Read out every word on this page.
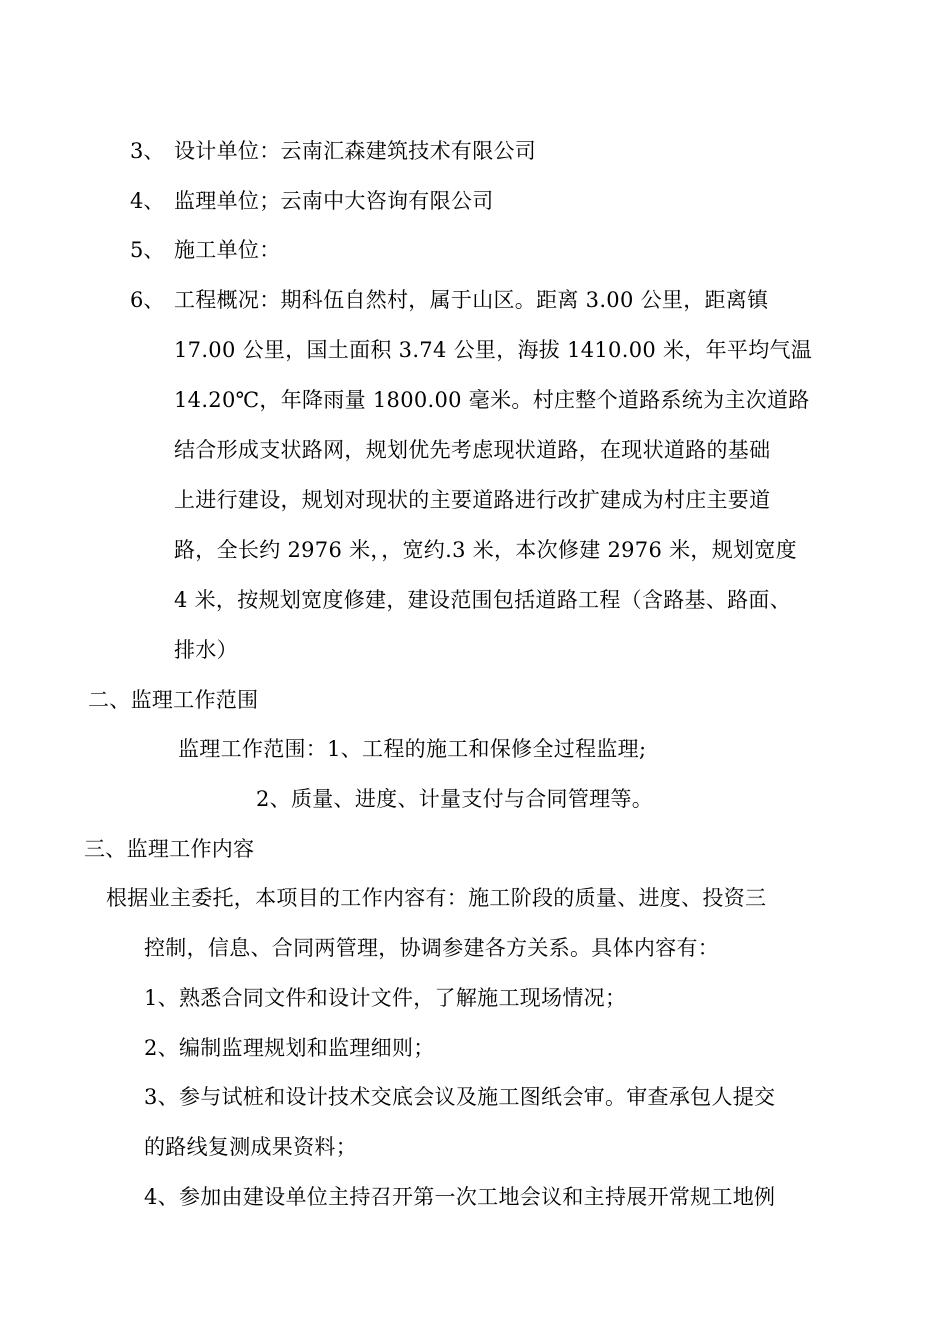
3、 设计单位：云南汇森建筑技术有限公司
4、 监理单位；云南中大咨询有限公司
5、 施工单位：
6、 工程概况：期科伍自然村，属于山区。距离 3.00 公里，距离镇
17.00 公里，国土面积 3.74 公里，海拔 1410.00 米，年平均气温
14.20℃，年降雨量 1800.00 毫米。村庄整个道路系统为主次道路
结合形成支状路网，规划优先考虑现状道路，在现状道路的基础
上进行建设，规划对现状的主要道路进行改扩建成为村庄主要道
路，全长约 2976 米，，宽约.3 米，本次修建 2976 米，规划宽度
4 米，按规划宽度修建，建设范围包括道路工程（含路基、路面、
排水）
二、监理工作范围
监理工作范围：1、工程的施工和保修全过程监理;
2、质量、进度、计量支付与合同管理等。
三、监理工作内容
根据业主委托，本项目的工作内容有：施工阶段的质量、进度、投资三
控制，信息、合同两管理，协调参建各方关系。具体内容有：
1、熟悉合同文件和设计文件，了解施工现场情况；
2、编制监理规划和监理细则；
3、参与试桩和设计技术交底会议及施工图纸会审。审查承包人提交
的路线复测成果资料；
4、参加由建设单位主持召开第一次工地会议和主持展开常规工地例
